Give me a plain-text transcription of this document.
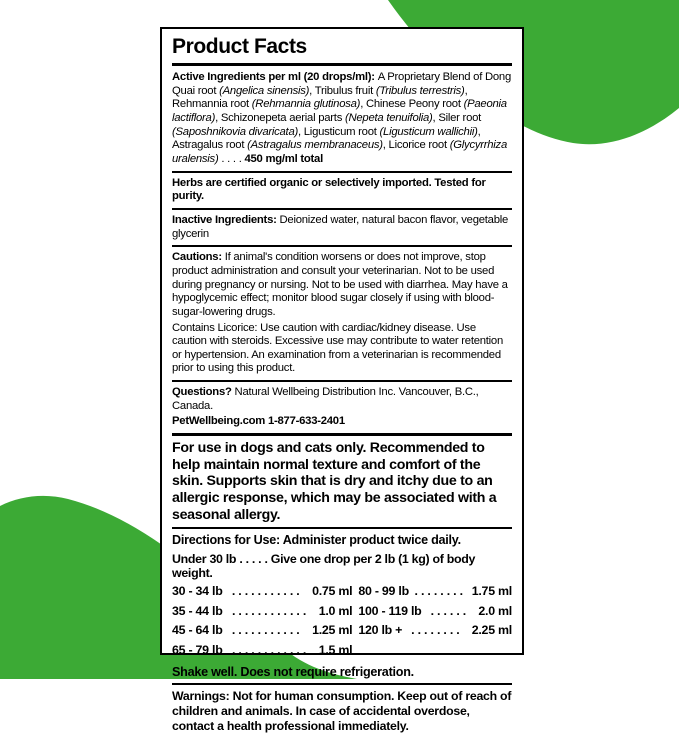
Product Facts

Active Ingredients per ml (20 drops/ml): A Proprietary Blend of Dong Quai root (Angelica sinensis), Tribulus fruit (Tribulus terrestris), Rehmannia root (Rehmannia glutinosa), Chinese Peony root (Paeonia lactiflora), Schizonepeta aerial parts (Nepeta tenuifolia), Siler root (Saposhnikovia divaricata), Ligusticum root (Ligusticum wallichii), Astragalus root (Astragalus membranaceus), Licorice root (Glycyrrhiza uralensis) . . . . 450 mg/ml total

Herbs are certified organic or selectively imported. Tested for purity.

Inactive Ingredients: Deionized water, natural bacon flavor, vegetable glycerin

Cautions: If animal's condition worsens or does not improve, stop product administration and consult your veterinarian. Not to be used during pregnancy or nursing. Not to be used with diarrhea. May have a hypoglycemic effect; monitor blood sugar closely if using with blood-sugar-lowering drugs.

Contains Licorice: Use caution with cardiac/kidney disease. Use caution with steroids. Excessive use may contribute to water retention or hypertension. An examination from a veterinarian is recommended prior to using this product.

Questions? Natural Wellbeing Distribution Inc. Vancouver, B.C., Canada.

PetWellbeing.com 1-877-633-2401

For use in dogs and cats only. Recommended to help maintain normal texture and comfort of the skin. Supports skin that is dry and itchy due to an allergic response, which may be associated with a seasonal allergy.

Directions for Use: Administer product twice daily.

Under 30 lb . . . . . Give one drop per 2 lb (1 kg) of body weight.

30 - 34 lb ........... 0.75 ml
35 - 44 lb ............ 1.0 ml
45 - 64 lb ........... 1.25 ml
65 - 79 lb ............ 1.5 ml
80 - 99 lb ........ 1.75 ml
100 - 119 lb ...... 2.0 ml
120 lb + ........ 2.25 ml

Shake well. Does not require refrigeration.

Warnings: Not for human consumption. Keep out of reach of children and animals. In case of accidental overdose, contact a health professional immediately.
